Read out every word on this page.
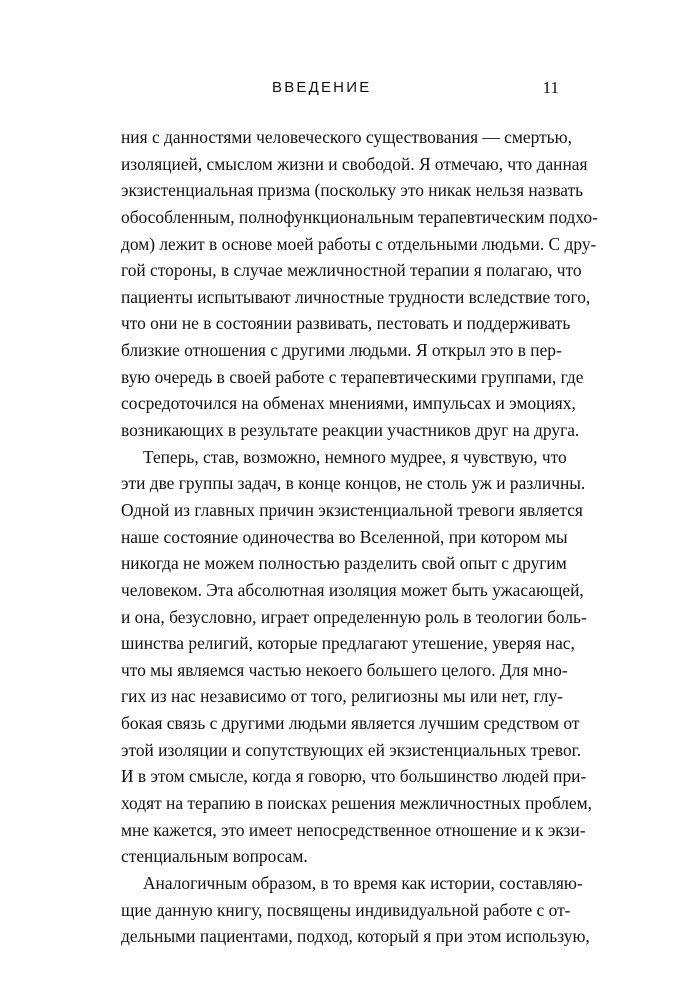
ВВЕДЕНИЕ	11
ния с данностями человеческого существования — смертью,
изоляцией, смыслом жизни и свободой. Я отмечаю, что данная
экзистенциальная призма (поскольку это никак нельзя назвать
обособленным, полнофункциональным терапевтическим подхо-
дом) лежит в основе моей работы с отдельными людьми. С дру-
гой стороны, в случае межличностной терапии я полагаю, что
пациенты испытывают личностные трудности вследствие того,
что они не в состоянии развивать, пестовать и поддерживать
близкие отношения с другими людьми. Я открыл это в пер-
вую очередь в своей работе с терапевтическими группами, где
сосредоточился на обменах мнениями, импульсах и эмоциях,
возникающих в результате реакции участников друг на друга.
Теперь, став, возможно, немного мудрее, я чувствую, что
эти две группы задач, в конце концов, не столь уж и различны.
Одной из главных причин экзистенциальной тревоги является
наше состояние одиночества во Вселенной, при котором мы
никогда не можем полностью разделить свой опыт с другим
человеком. Эта абсолютная изоляция может быть ужасающей,
и она, безусловно, играет определенную роль в теологии боль-
шинства религий, которые предлагают утешение, уверяя нас,
что мы являемся частью некоего большего целого. Для мно-
гих из нас независимо от того, религиозны мы или нет, глу-
бокая связь с другими людьми является лучшим средством от
этой изоляции и сопутствующих ей экзистенциальных тревог.
И в этом смысле, когда я говорю, что большинство людей при-
ходят на терапию в поисках решения межличностных проблем,
мне кажется, это имеет непосредственное отношение и к экзи-
стенциальным вопросам.
Аналогичным образом, в то время как истории, составляю-
щие данную книгу, посвящены индивидуальной работе с от-
дельными пациентами, подход, который я при этом использую,
